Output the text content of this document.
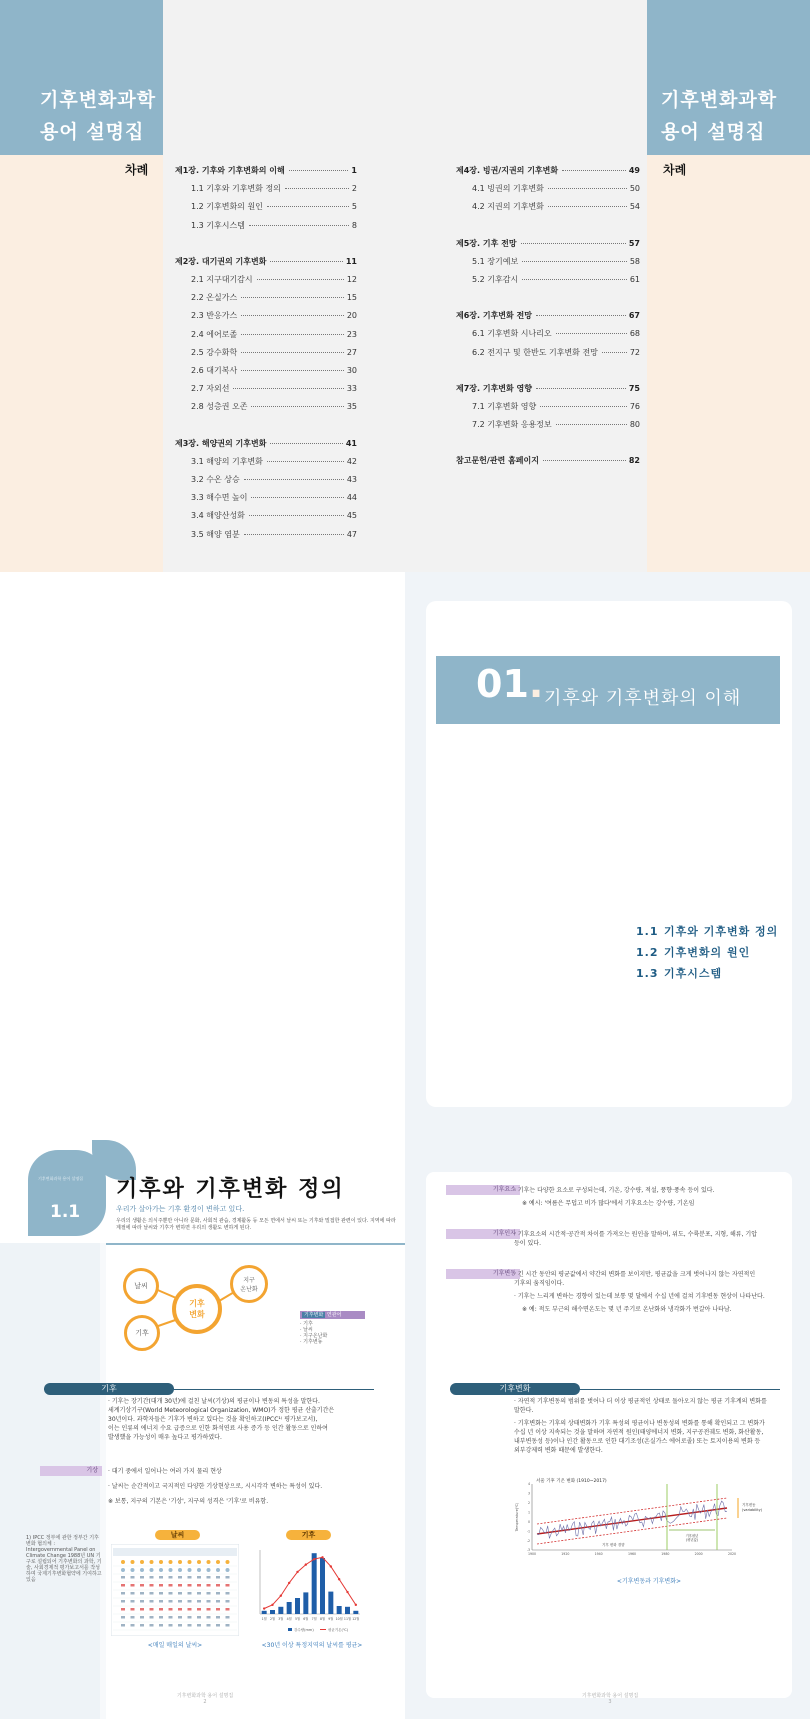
기후변화과학
용어 설명집
기후변화과학
용어 설명집
차례	차례
제1장. 기후와 기후변화의 이해	1
1.1 기후와 기후변화 정의	2
1.2 기후변화의 원인	5
1.3 기후시스템	8
제2장. 대기권의 기후변화	11
2.1 지구대기감시	12
2.2 온실가스	15
2.3 반응가스	20
2.4 에어로졸	23
2.5 강수화학	27
2.6 대기복사	30
2.7 자외선	33
2.8 성층권 오존	35
제3장. 해양권의 기후변화	41
3.1 해양의 기후변화	42
3.2 수온 상승	43
3.3 해수면 높이	44
3.4 해양산성화	45
3.5 해양 염분	47
제4장. 빙권/지권의 기후변화	49
4.1 빙권의 기후변화	50
4.2 지권의 기후변화	54
제5장. 기후 전망	57
5.1 장기예보	58
5.2 기후감시	61
제6장. 기후변화 전망	67
6.1 기후변화 시나리오	68
6.2 전지구 및 한반도 기후변화 전망	72
제7장. 기후변화 영향	75
7.1 기후변화 영향	76
7.2 기후변화 응용정보	80
참고문헌/관련 홈페이지	82
01. 기후와 기후변화의 이해
1.1 기후와 기후변화 정의
1.2 기후변화의 원인
1.3 기후시스템
기후변화과학 용어 설명집
1.1
기후와 기후변화 정의
우리가 살아가는 기후 환경이 변하고 있다.
우리의 생활은 의식주뿐만 아니라 문화, 사회적 관습, 경제활동 등 모든 면에서 날씨 또는 기후와 밀접한 관련이 있다. 지역에 따라 계절에 따라 날씨와 기후가 변하면 우리의 생활도 변하게 된다.
날씨
지구
온난화
기후
변화
기후
기후변화 연관어
· 기후
· 날씨
· 지구온난화
· 기후변동
기후
· 기후는 장기간(대개 30년)에 걸친 날씨(기상)의 평균이나 변동의 특성을 말한다.
세계기상기구(World Meteorological Organization, WMO)가 정한 평균 산출기간은
30년이다. 과학자들은 기후가 변하고 있다는 것을 확인하고(IPCC¹⁾ 평가보고서),
이는 인류의 에너지 수요 급증으로 인한 화석연료 사용 증가 등 인간 활동으로 인하여
발생했을 가능성이 매우 높다고 평가하였다.
기상	· 대기 중에서 일어나는 여러 가지 물리 현상
· 날씨는 순간적이고 국지적인 다양한 기상현상으로, 시시각각 변하는 특성이 있다.
※ 보통, 지구의 기본은 '기상', 지구의 성격은 '기후'로 비유함.
1) IPCC 정부에 관한 정부간 기후변화 협의체 : Intergovernmental Panel on Climate Change 1988년 UN 기구로 설립되어 기후변화의 과학, 기술, 사회경제적 평가보고서를 작성하며 국제기후변화협약에 기여하고 있음
날씨	기후
<매일 매일의 날씨>
1월 2월 3월 4월 5월 6월 7월 8월 9월 10월 11월 12월
강수량(mm)	평균기온(℃)
<30년 이상 특정지역의 날씨를 평균>
기후변화과학 용어 설명집
2
기후요소
· 기후는 다양한 요소로 구성되는데, 기온, 강수량, 적설, 풍향·풍속 등이 있다.
※ 예시: '여름은 무덥고 비가 많다'에서 기후요소는 강수량, 기온임
기후인자
· 기후요소의 시간적·공간적 차이를 가져오는 원인을 말하며, 위도, 수륙분포, 지형, 해류, 기압
등이 있다.
기후변동
· 긴 시간 동안의 평균값에서 약간의 변화를 보이지만, 평균값을 크게 벗어나지 않는 자연적인
기후의 움직임이다.
· 기후는 느리게 변하는 경향이 있는데 보통 몇 달에서 수십 년에 걸쳐 기후변동 현상이 나타난다.
※ 예: 적도 부근의 해수면온도는 몇 년 주기로 온난화와 냉각화가 번갈아 나타남.
기후변화
· 자연적 기후변동의 범위를 벗어나 더 이상 평균적인 상태로 돌아오지 않는 평균 기후계의 변화를
말한다.
· 기후변화는 기후의 상태변화가 기후 특성의 평균이나 변동성의 변화를 통해 확인되고 그 변화가
수십 년 이상 지속되는 것을 말하며 자연적 원인(태양에너지 변화, 지구공전궤도 변화, 화산활동,
내부변동성 등)이나 인간 활동으로 인한 대기조성(온실가스 에어로졸) 또는 토지이용의 변화 등
외부강제력 변화 때문에 발생한다.
서울 기후 기온 변화 (1910~2017)
Temperature(℃)
-3
-2
-1
0
1
2
3
4
1900	1920	1940	1960	1980	2000	2020
기후평년
(평년값)
기후 변화 경향
기후변동
(variability)
<기후변동과 기후변화>
기후변화과학 용어 설명집
3
